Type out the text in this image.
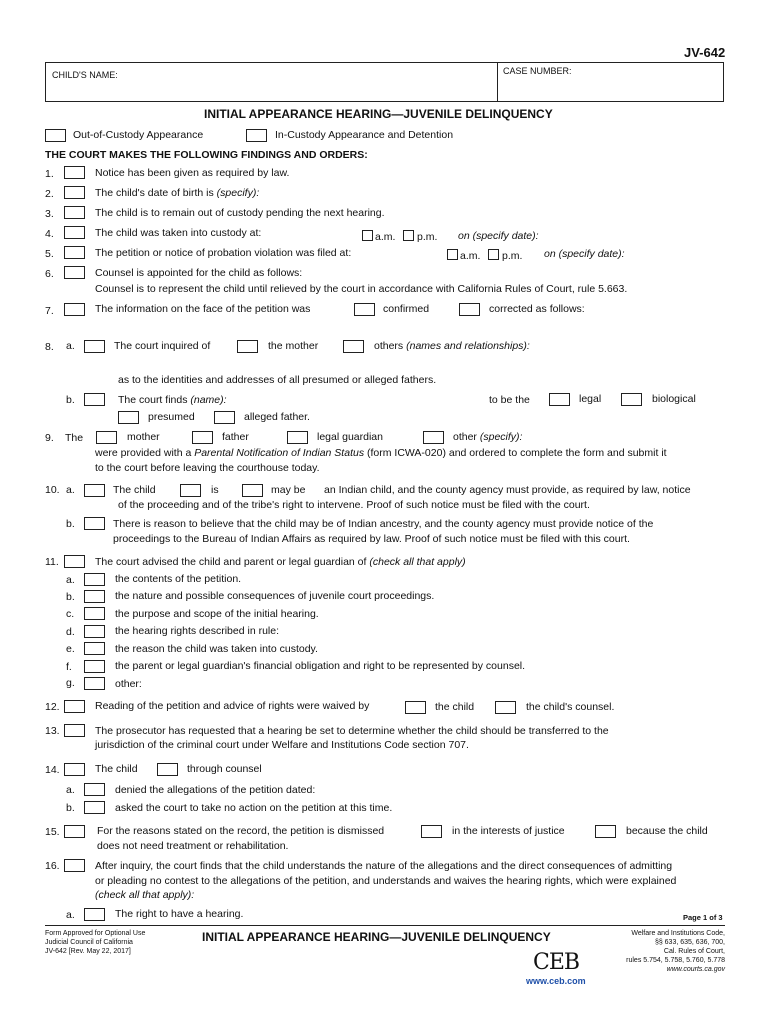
JV-642
CHILD'S NAME:	CASE NUMBER:
INITIAL APPEARANCE HEARING—JUVENILE DELINQUENCY
Out-of-Custody Appearance	In-Custody Appearance and Detention
THE COURT MAKES THE FOLLOWING FINDINGS AND ORDERS:
1.	Notice has been given as required by law.
2.	The child's date of birth is (specify):
3.	The child is to remain out of custody pending the next hearing.
4.	The child was taken into custody at:	a.m. p.m. on (specify date):
5.	The petition or notice of probation violation was filed at:	a.m. p.m. on (specify date):
6.	Counsel is appointed for the child as follows:
Counsel is to represent the child until relieved by the court in accordance with California Rules of Court, rule 5.663.
7.	The information on the face of the petition was	confirmed	corrected as follows:
8. a.	The court inquired of	the mother	others (names and relationships):
as to the identities and addresses of all presumed or alleged fathers.
b.	The court finds (name):	to be the	legal	biological
presumed	alleged father.
9. The	mother	father	legal guardian	other (specify):
were provided with a Parental Notification of Indian Status (form ICWA-020) and ordered to complete the form and submit it
to the court before leaving the courthouse today.
10. a.	The child	is	may be an Indian child, and the county agency must provide, as required by law, notice
of the proceeding and of the tribe's right to intervene. Proof of such notice must be filed with the court.
b.	There is reason to believe that the child may be of Indian ancestry, and the county agency must provide notice of the
proceedings to the Bureau of Indian Affairs as required by law. Proof of such notice must be filed with this court.
11.	The court advised the child and parent or legal guardian of (check all that apply)
a.	the contents of the petition.
b.	the nature and possible consequences of juvenile court proceedings.
c.	the purpose and scope of the initial hearing.
d.	the hearing rights described in rule:
e.	the reason the child was taken into custody.
f.	the parent or legal guardian's financial obligation and right to be represented by counsel.
g.	other:
12.	Reading of the petition and advice of rights were waived by	the child	the child's counsel.
13.	The prosecutor has requested that a hearing be set to determine whether the child should be transferred to the
jurisdiction of the criminal court under Welfare and Institutions Code section 707.
14.	The child	through counsel
a.	denied the allegations of the petition dated:
b.	asked the court to take no action on the petition at this time.
15.	For the reasons stated on the record, the petition is dismissed	in the interests of justice	because the child
does not need treatment or rehabilitation.
16.	After inquiry, the court finds that the child understands the nature of the allegations and the direct consequences of admitting
or pleading no contest to the allegations of the petition, and understands and waives the hearing rights, which were explained
(check all that apply):
a.	The right to have a hearing.	Page 1 of 3
Form Approved for Optional Use
Judicial Council of California
JV-642 [Rev. May 22, 2017]
INITIAL APPEARANCE HEARING—JUVENILE DELINQUENCY	Welfare and Institutions Code,
§§ 633, 635, 636, 700,
Cal. Rules of Court,
rules 5.754, 5.758, 5.760, 5.778
www.courts.ca.gov
CEB
www.ceb.com
